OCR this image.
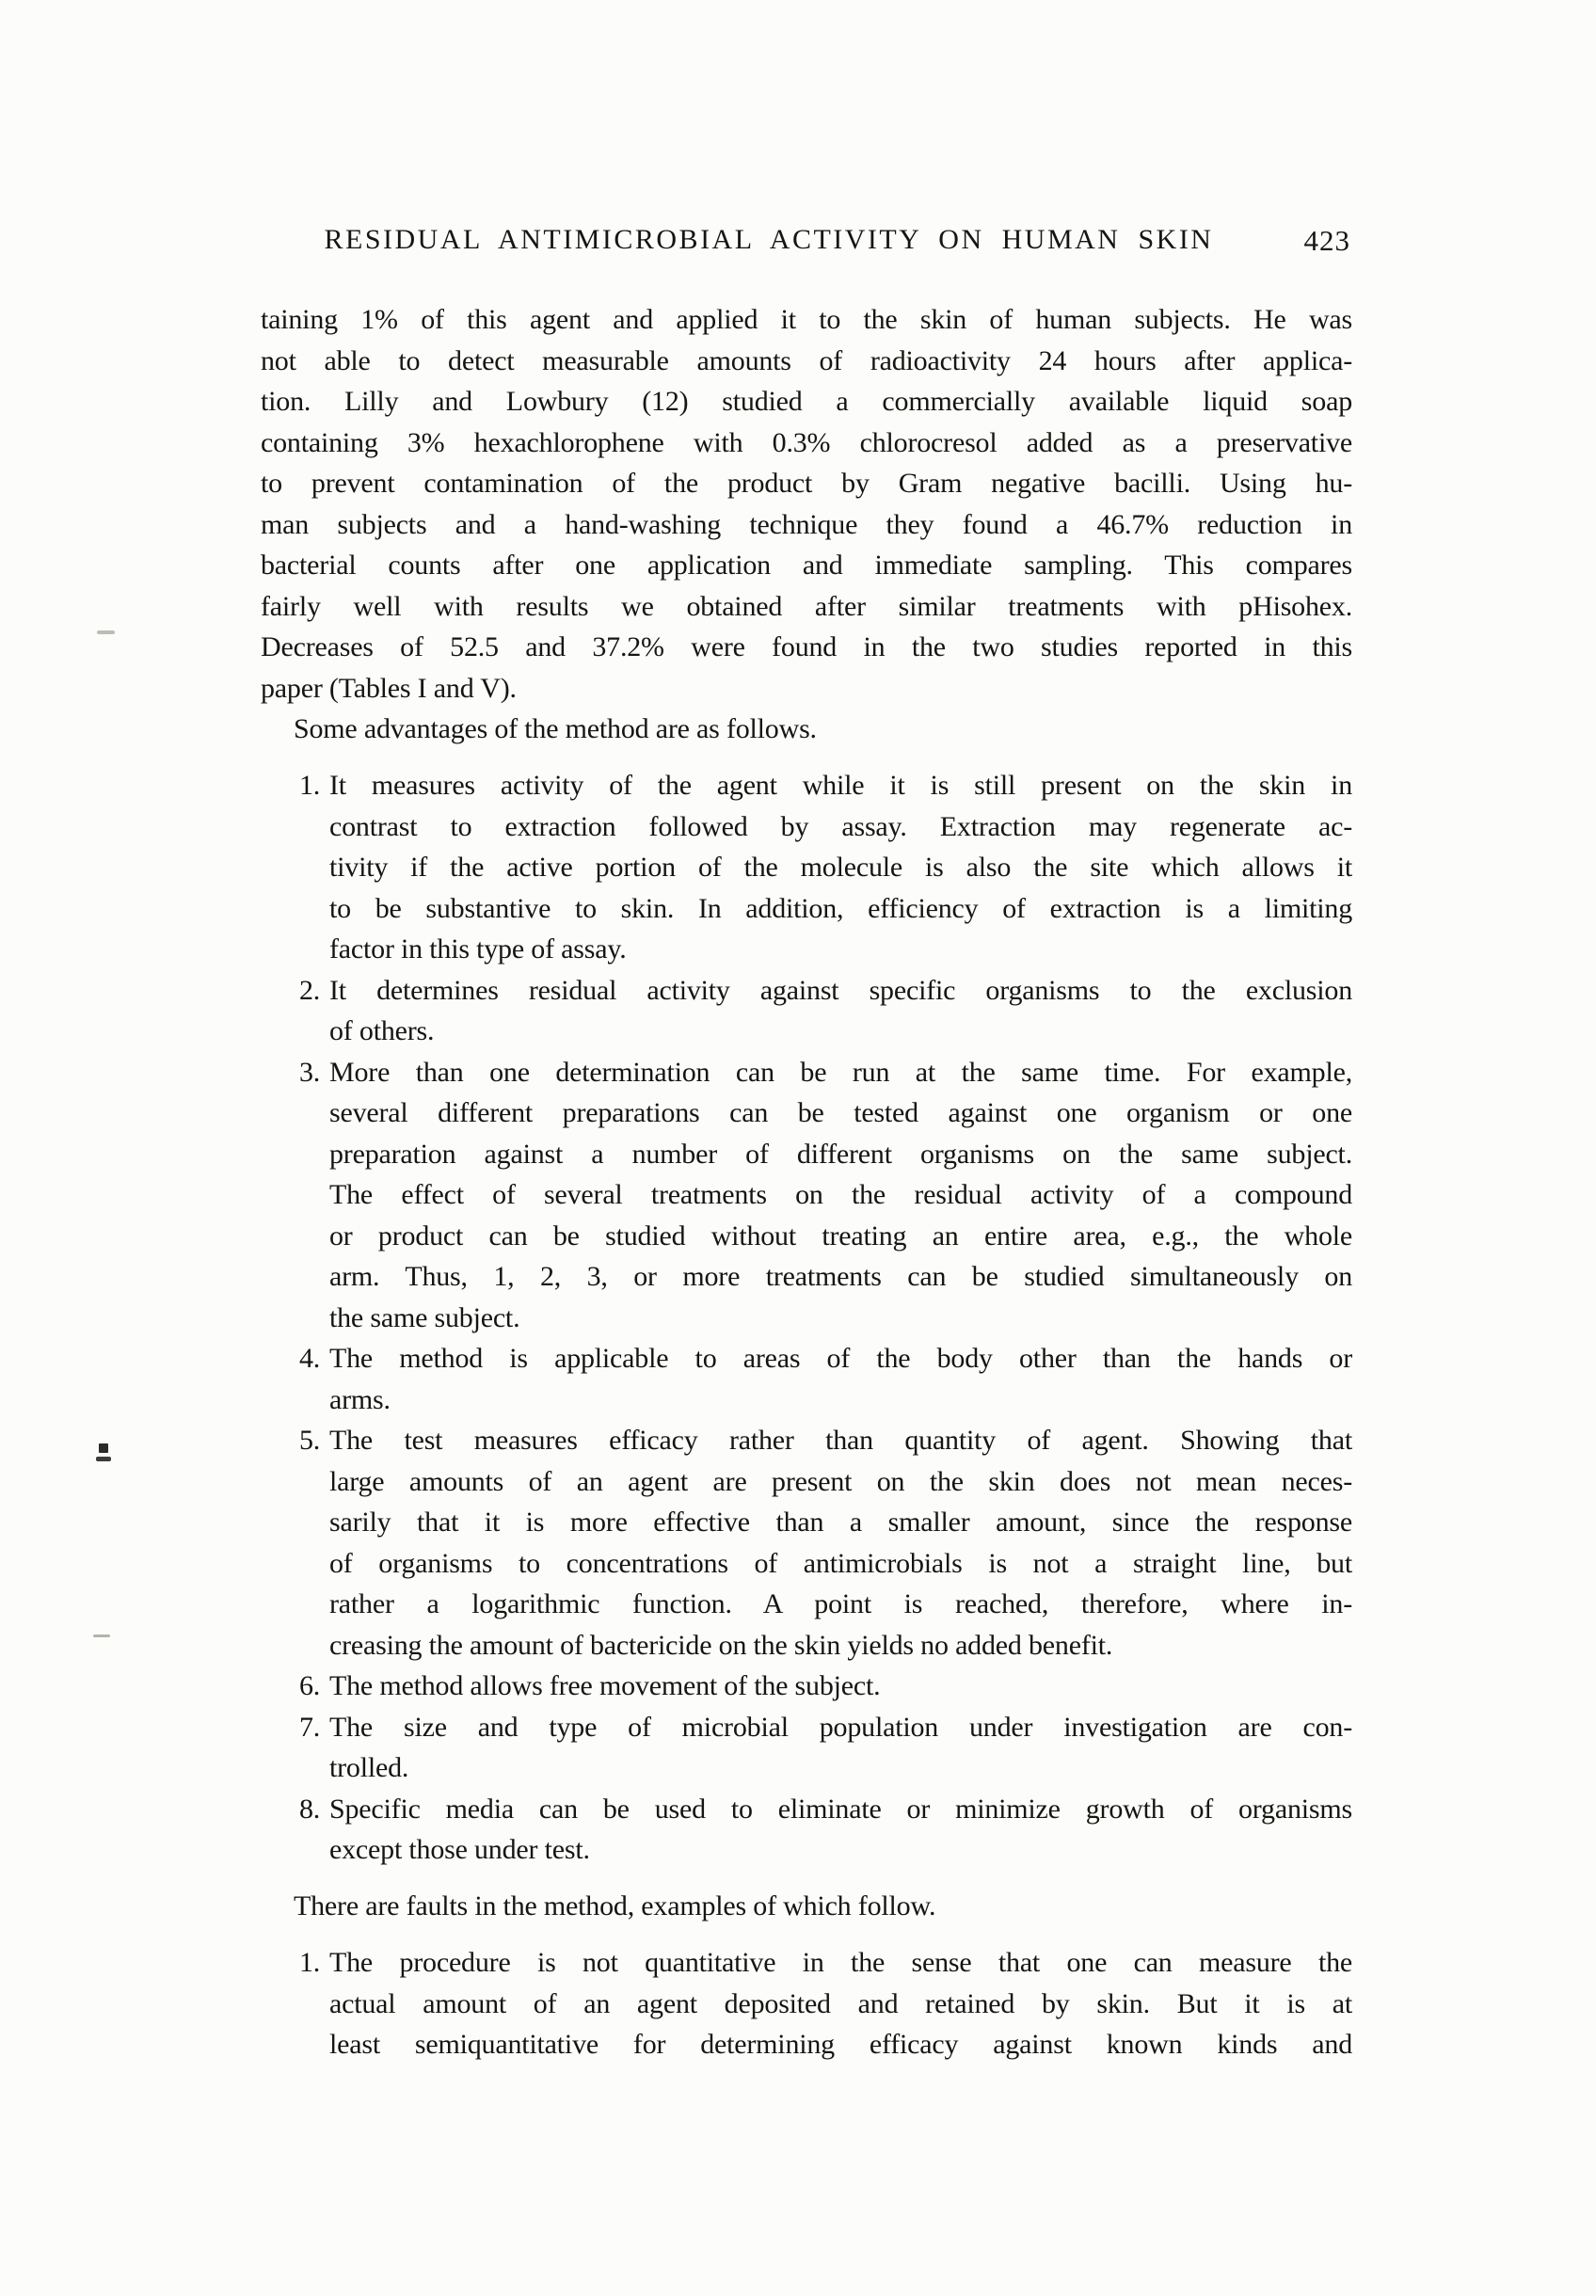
RESIDUAL ANTIMICROBIAL ACTIVITY ON HUMAN SKIN	423
taining 1% of this agent and applied it to the skin of human subjects. He was
not able to detect measurable amounts of radioactivity 24 hours after applica-
tion. Lilly and Lowbury (12) studied a commercially available liquid soap
containing 3% hexachlorophene with 0.3% chlorocresol added as a preservative
to prevent contamination of the product by Gram negative bacilli. Using hu-
man subjects and a hand-washing technique they found a 46.7% reduction in
bacterial counts after one application and immediate sampling. This compares
fairly well with results we obtained after similar treatments with pHisohex.
Decreases of 52.5 and 37.2% were found in the two studies reported in this
paper (Tables I and V).
Some advantages of the method are as follows.
1. It measures activity of the agent while it is still present on the skin in
contrast to extraction followed by assay. Extraction may regenerate ac-
tivity if the active portion of the molecule is also the site which allows it
to be substantive to skin. In addition, efficiency of extraction is a limiting
factor in this type of assay.
2. It determines residual activity against specific organisms to the exclusion
of others.
3. More than one determination can be run at the same time. For example,
several different preparations can be tested against one organism or one
preparation against a number of different organisms on the same subject.
The effect of several treatments on the residual activity of a compound
or product can be studied without treating an entire area, e.g., the whole
arm. Thus, 1, 2, 3, or more treatments can be studied simultaneously on
the same subject.
4. The method is applicable to areas of the body other than the hands or
arms.
5. The test measures efficacy rather than quantity of agent. Showing that
large amounts of an agent are present on the skin does not mean neces-
sarily that it is more effective than a smaller amount, since the response
of organisms to concentrations of antimicrobials is not a straight line, but
rather a logarithmic function. A point is reached, therefore, where in-
creasing the amount of bactericide on the skin yields no added benefit.
6. The method allows free movement of the subject.
7. The size and type of microbial population under investigation are con-
trolled.
8. Specific media can be used to eliminate or minimize growth of organisms
except those under test.
There are faults in the method, examples of which follow.
1. The procedure is not quantitative in the sense that one can measure the
actual amount of an agent deposited and retained by skin. But it is at
least semiquantitative for determining efficacy against known kinds and
